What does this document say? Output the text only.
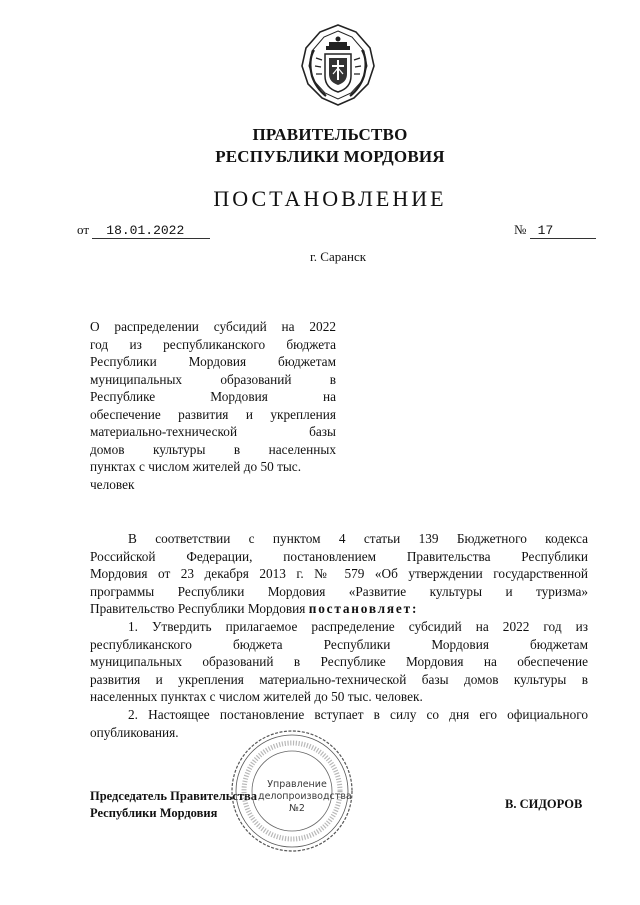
ПРАВИТЕЛЬСТВО
РЕСПУБЛИКИ МОРДОВИЯ
ПОСТАНОВЛЕНИЕ
от 18.01.2022	№ 17
г. Саранск
О распределении субсидий на 2022
год из республиканского бюджета
Республики Мордовия бюджетам
муниципальных образований в
Республике Мордовия на
обеспечение развития и укрепления
материально-технической базы
домов культуры в населенных
пунктах с числом жителей до 50 тыс.
человек
В соответствии с пунктом 4 статьи 139 Бюджетного кодекса
Российской Федерации, постановлением Правительства Республики
Мордовия от 23 декабря 2013 г. № 579 «Об утверждении государственной
программы Республики Мордовия «Развитие культуры и туризма»
Правительство Республики Мордовия постановляет:
1. Утвердить прилагаемое распределение субсидий на 2022 год из
республиканского бюджета Республики Мордовия бюджетам
муниципальных образований в Республике Мордовия на обеспечение
развития и укрепления материально-технической базы домов культуры в
населенных пунктах с числом жителей до 50 тыс. человек.
2. Настоящее постановление вступает в силу со дня его официального
опубликования.
Председатель Правительства
Республики Мордовия
В. СИДОРОВ
Управление
делопроизводства
№2
